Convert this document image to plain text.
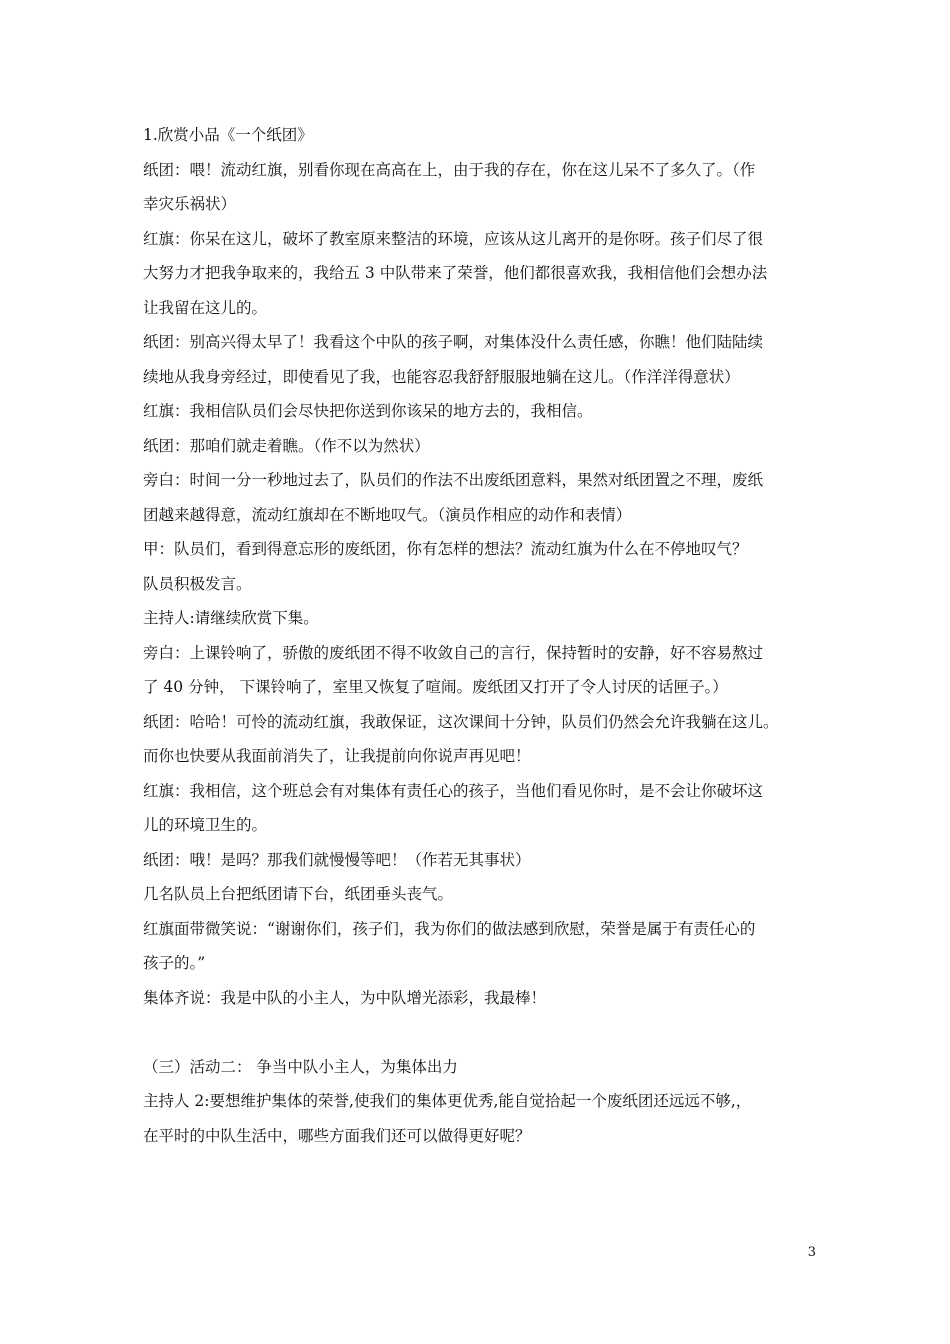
1.欣赏小品《一个纸团》
纸团：喂！流动红旗，别看你现在高高在上，由于我的存在，你在这儿呆不了多久了。（作
幸灾乐祸状）
红旗：你呆在这儿，破坏了教室原来整洁的环境，应该从这儿离开的是你呀。孩子们尽了很
大努力才把我争取来的，我给五 3 中队带来了荣誉，他们都很喜欢我，我相信他们会想办法
让我留在这儿的。
纸团：别高兴得太早了！我看这个中队的孩子啊，对集体没什么责任感，你瞧！他们陆陆续
续地从我身旁经过，即使看见了我，也能容忍我舒舒服服地躺在这儿。（作洋洋得意状）
红旗：我相信队员们会尽快把你送到你该呆的地方去的，我相信。
纸团：那咱们就走着瞧。（作不以为然状）
旁白：时间一分一秒地过去了，队员们的作法不出废纸团意料，果然对纸团置之不理，废纸
团越来越得意，流动红旗却在不断地叹气。（演员作相应的动作和表情）
甲：队员们，看到得意忘形的废纸团，你有怎样的想法？流动红旗为什么在不停地叹气？
队员积极发言。
主持人:请继续欣赏下集。
旁白：上课铃响了，骄傲的废纸团不得不收敛自己的言行，保持暂时的安静，好不容易熬过
了 40 分钟， 下课铃响了，室里又恢复了喧闹。废纸团又打开了令人讨厌的话匣子。）
纸团：哈哈！可怜的流动红旗，我敢保证，这次课间十分钟，队员们仍然会允许我躺在这儿。
而你也快要从我面前消失了，让我提前向你说声再见吧！
红旗：我相信，这个班总会有对集体有责任心的孩子，当他们看见你时，是不会让你破坏这
儿的环境卫生的。
纸团：哦！是吗？那我们就慢慢等吧！（作若无其事状）
几名队员上台把纸团请下台，纸团垂头丧气。
红旗面带微笑说：“谢谢你们，孩子们，我为你们的做法感到欣慰，荣誉是属于有责任心的
孩子的。”
集体齐说：我是中队的小主人，为中队增光添彩，我最棒！
（三）活动二： 争当中队小主人，为集体出力
主持人 2:要想维护集体的荣誉,使我们的集体更优秀,能自觉拾起一个废纸团还远远不够,，
在平时的中队生活中，哪些方面我们还可以做得更好呢？
3
